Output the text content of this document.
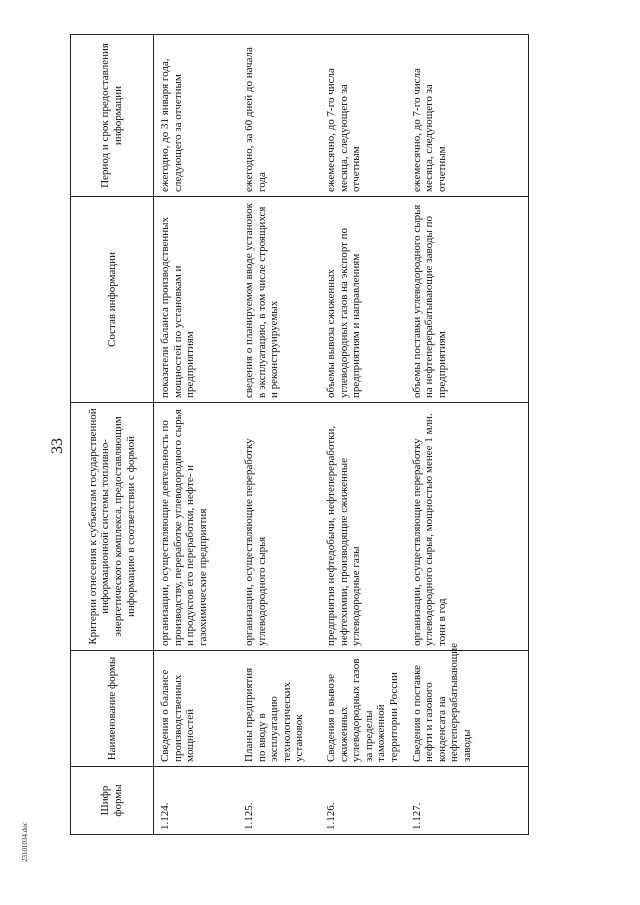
33
Шифр формы	Наименование формы	Критерии отнесения к субъектам государственной информационной системы топливно-энергетического комплекса, предоставляющим информацию в соответствии с формой	Состав информации	Период и срок предоставления информации
1.124.	Сведения о балансе производственных мощностей	организации, осуществляющие деятельность по производству, переработке углеводородного сырья и продуктов его переработки, нефте- и газохимические предприятия	показатели баланса производственных мощностей по установкам и предприятиям	ежегодно, до 31 января года, следующего за отчетным
1.125.	Планы предприятия по вводу в эксплуатацию технологических установок	организации, осуществляющие переработку углеводородного сырья	сведения о планируемом вводе установок в эксплуатацию, в том числе строящихся и реконструируемых	ежегодно, за 60 дней до начала года
1.126.	Сведения о вывозе сжиженных углеводородных газов за пределы таможенной территории России	предприятия нефтедобычи, нефтепереработки, нефтехимии, производящие сжиженные углеводородные газы	объемы вывоза сжиженных углеводородных газов на экспорт по предприятиям и направлениям	ежемесячно, до 7-го числа месяца, следующего за отчетным
1.127.	Сведения о поставке нефти и газового конденсата на нефтеперерабатывающие заводы	организации, осуществляющие переработку углеводородного сырья, мощностью менее 1 млн. тонн в год	объемы поставки углеводородного сырья на нефтеперерабатывающие заводы по предприятиям	ежемесячно, до 7-го числа месяца, следующего за отчетным
23101034.doc
